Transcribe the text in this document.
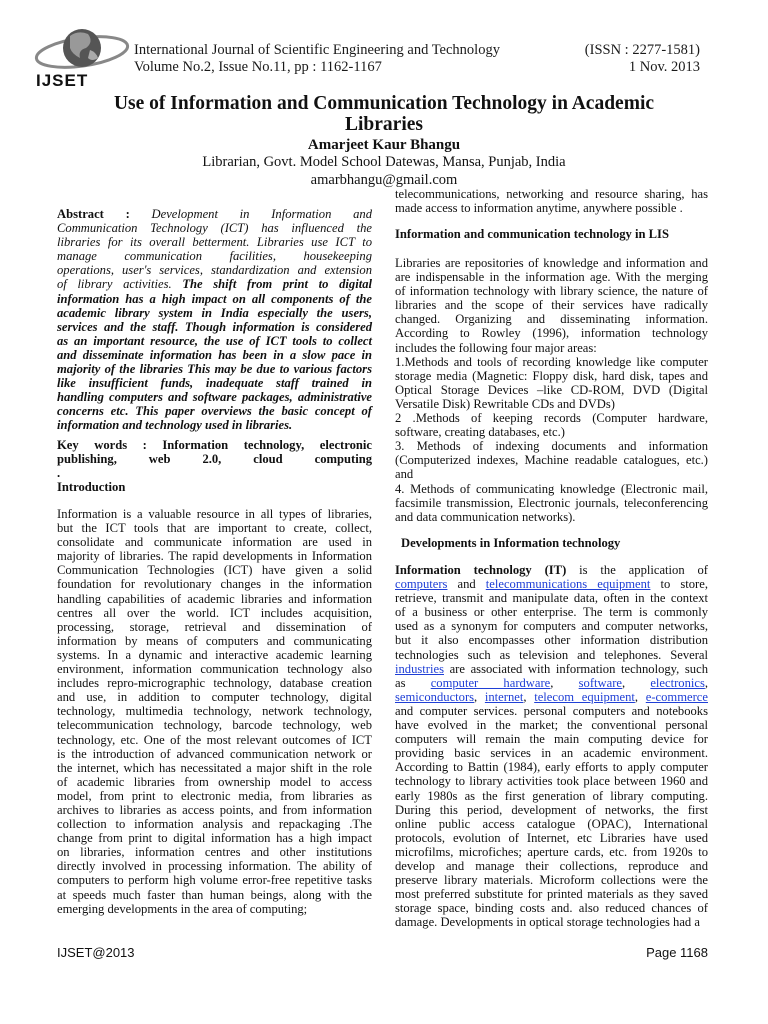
IJSET
International Journal of Scientific Engineering and Technology
Volume No.2, Issue No.11, pp : 1162-1167
(ISSN : 2277-1581)
1 Nov. 2013
Use of Information and Communication Technology in Academic
Libraries
Amarjeet Kaur Bhangu
Librarian, Govt. Model School Datewas, Mansa, Punjab, India
amarbhangu@gmail.com
Abstract : Development in Information and
Communication Technology (ICT) has influenced the
libraries for its overall betterment. Libraries use ICT to
manage communication facilities, housekeeping
operations, user's services, standardization and extension
of library activities. The shift from print to digital
information has a high impact on all components of the
academic library system in India especially the users,
services and the staff. Though information is considered
as an important resource, the use of ICT tools to collect
and disseminate information has been in a slow pace in
majority of the libraries This may be due to various factors
like insufficient funds, inadequate staff trained in
handling computers and software packages, administrative
concerns etc. This paper overviews the basic concept of
information and technology used in libraries.
Key words : Information technology, electronic
publishing, web 2.0, cloud computing
.
Introduction
Information is a valuable resource in all types of libraries,
but the ICT tools that are important to create, collect,
consolidate and communicate information are used in
majority of libraries. The rapid developments in Information
Communication Technologies (ICT) have given a solid
foundation for revolutionary changes in the information
handling capabilities of academic libraries and information
centres all over the world. ICT includes acquisition,
processing, storage, retrieval and dissemination of
information by means of computers and communicating
systems. In a dynamic and interactive academic learning
environment, information communication technology also
includes repro-micrographic technology, database creation
and use, in addition to computer technology, digital
technology, multimedia technology, network technology,
telecommunication technology, barcode technology, web
technology, etc. One of the most relevant outcomes of ICT
is the introduction of advanced communication network or
the internet, which has necessitated a major shift in the role
of academic libraries from ownership model to access
model, from print to electronic media, from libraries as
archives to libraries as access points, and from information
collection to information analysis and repackaging .The
change from print to digital information has a high impact
on libraries, information centres and other institutions
directly involved in processing information. The ability of
computers to perform high volume error-free repetitive tasks
at speeds much faster than human beings, along with the
emerging developments in the area of computing;
telecommunications, networking and resource sharing, has
made access to information anytime, anywhere possible .
Information and communication technology in LIS
Libraries are repositories of knowledge and information and
are indispensable in the information age. With the merging
of information technology with library science, the nature of
libraries and the scope of their services have radically
changed. Organizing and disseminating information.
According to Rowley (1996), information technology
includes the following four major areas:
1.Methods and tools of recording knowledge like computer
storage media (Magnetic: Floppy disk, hard disk, tapes and
Optical Storage Devices –like CD-ROM, DVD (Digital
Versatile Disk) Rewritable CDs and DVDs)
2 .Methods of keeping records (Computer hardware,
software, creating databases, etc.)
3. Methods of indexing documents and information
(Computerized indexes, Machine readable catalogues, etc.)
and
4. Methods of communicating knowledge (Electronic mail,
facsimile transmission, Electronic journals, teleconferencing
and data communication networks).
Developments in Information technology
Information technology (IT) is the application of
computers and telecommunications equipment to store,
retrieve, transmit and manipulate data, often in the context
of a business or other enterprise. The term is commonly
used as a synonym for computers and computer networks,
but it also encompasses other information distribution
technologies such as television and telephones. Several
industries are associated with information technology, such
as computer hardware, software, electronics,
semiconductors, internet, telecom equipment, e-commerce
and computer services. personal computers and notebooks
have evolved in the market; the conventional personal
computers will remain the main computing device for
providing basic services in an academic environment.
According to Battin (1984), early efforts to apply computer
technology to library activities took place between 1960 and
early 1980s as the first generation of library computing.
During this period, development of networks, the first
online public access catalogue (OPAC), International
protocols, evolution of Internet, etc Libraries have used
microfilms, microfiches; aperture cards, etc. from 1920s to
develop and manage their collections, reproduce and
preserve library materials. Microform collections were the
most preferred substitute for printed materials as they saved
storage space, binding costs and. also reduced chances of
damage. Developments in optical storage technologies had a
IJSET@2013	Page 1168
